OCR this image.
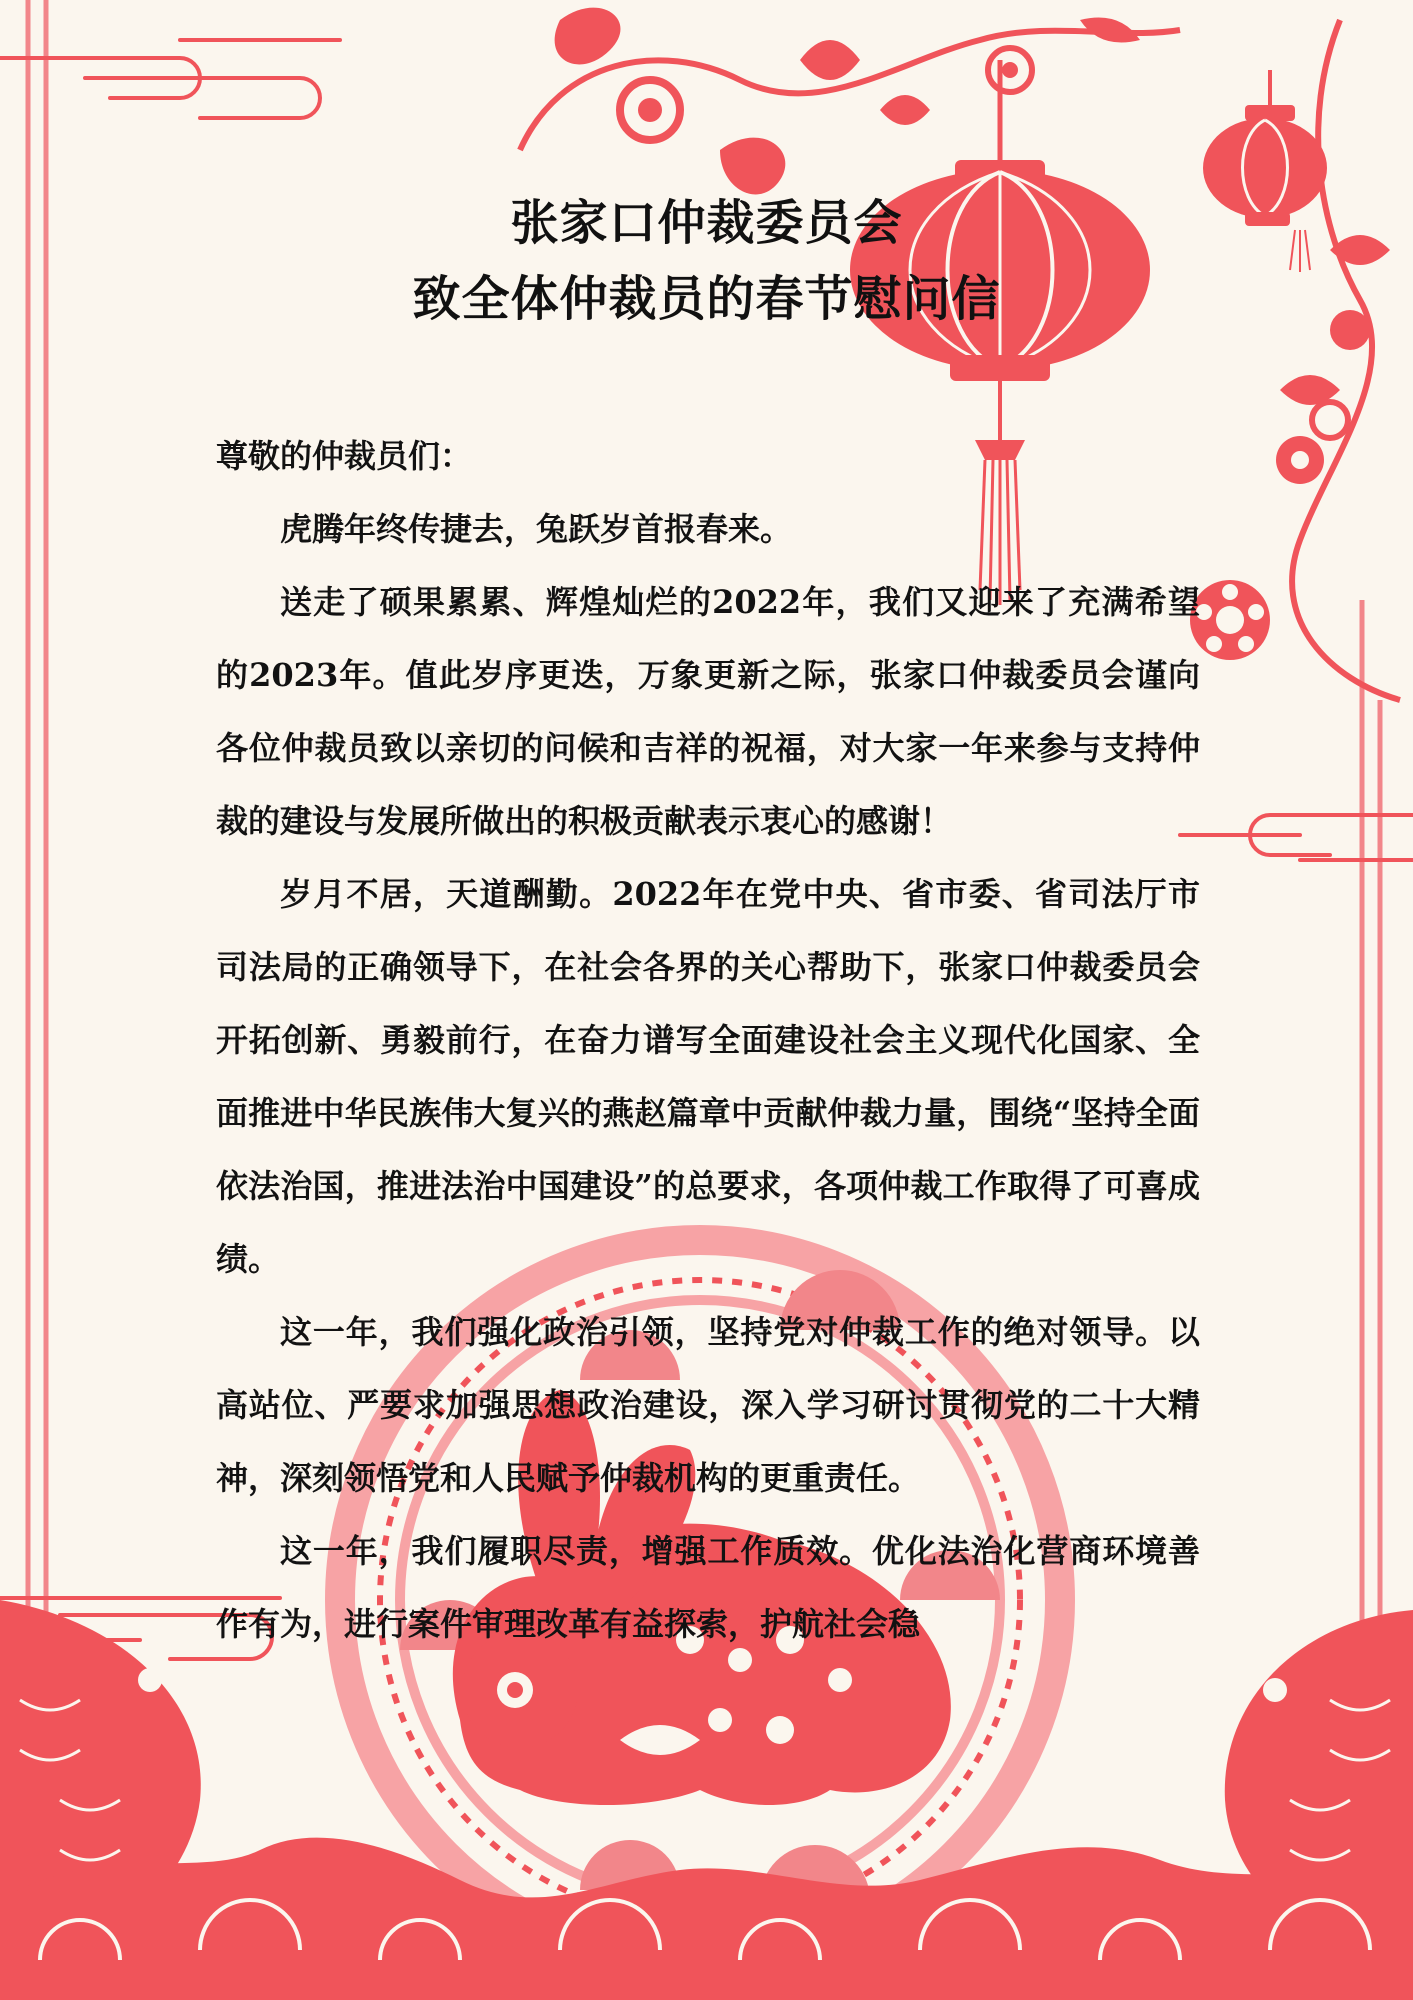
张家口仲裁委员会
致全体仲裁员的春节慰问信

尊敬的仲裁员们：

虎腾年终传捷去，兔跃岁首报春来。

送走了硕果累累、辉煌灿烂的2022年，我们又迎来了充满希望的2023年。值此岁序更迭，万象更新之际，张家口仲裁委员会谨向各位仲裁员致以亲切的问候和吉祥的祝福，对大家一年来参与支持仲裁的建设与发展所做出的积极贡献表示衷心的感谢！

岁月不居，天道酬勤。2022年在党中央、省市委、省司法厅市司法局的正确领导下，在社会各界的关心帮助下，张家口仲裁委员会开拓创新、勇毅前行，在奋力谱写全面建设社会主义现代化国家、全面推进中华民族伟大复兴的燕赵篇章中贡献仲裁力量，围绕“坚持全面依法治国，推进法治中国建设”的总要求，各项仲裁工作取得了可喜成绩。

这一年，我们强化政治引领，坚持党对仲裁工作的绝对领导。以高站位、严要求加强思想政治建设，深入学习研讨贯彻党的二十大精神，深刻领悟党和人民赋予仲裁机构的更重责任。

这一年，我们履职尽责，增强工作质效。优化法治化营商环境善作有为，进行案件审理改革有益探索，护航社会稳
